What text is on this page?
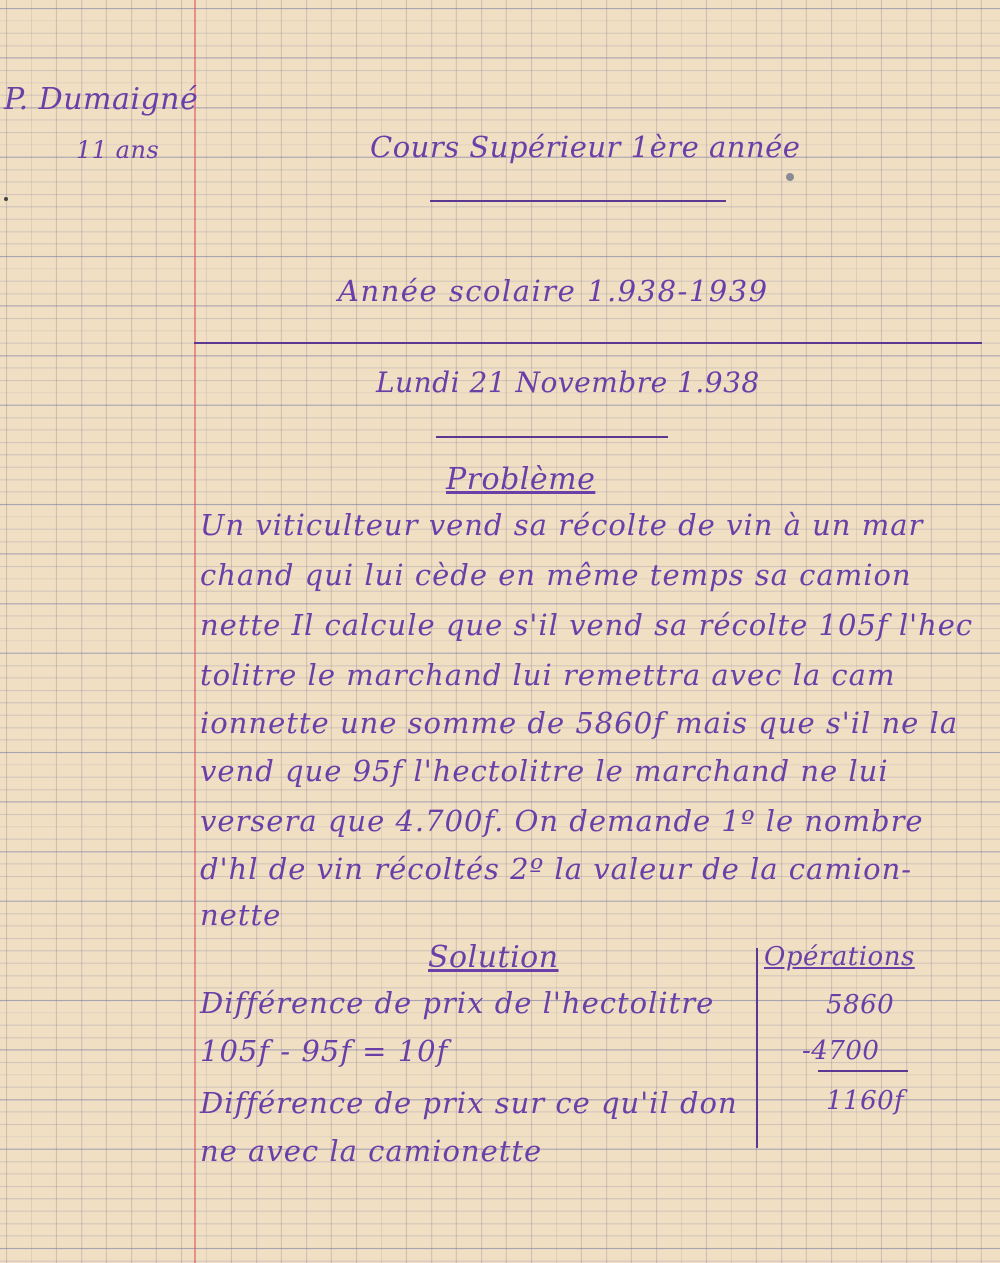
P. Dumaigné
11 ans	Cours Supérieur 1ère année
Année scolaire 1.938-1939
Lundi 21 Novembre 1.938
Problème
Un viticulteur vend sa récolte de vin à un mar
chand qui lui cède en même temps sa camion
nette Il calcule que s'il vend sa récolte 105f l'hec
tolitre le marchand lui remettra avec la cam
ionnette une somme de 5860f mais que s'il ne la
vend que 95f l'hectolitre le marchand ne lui
versera que 4.700f. On demande 1º le nombre
d'hl de vin récoltés 2º la valeur de la camion-
nette
Solution
Différence de prix de l'hectolitre
105f - 95f = 10f
Différence de prix sur ce qu'il don
ne avec la camionette
Opérations
5860
-4700
1160f
